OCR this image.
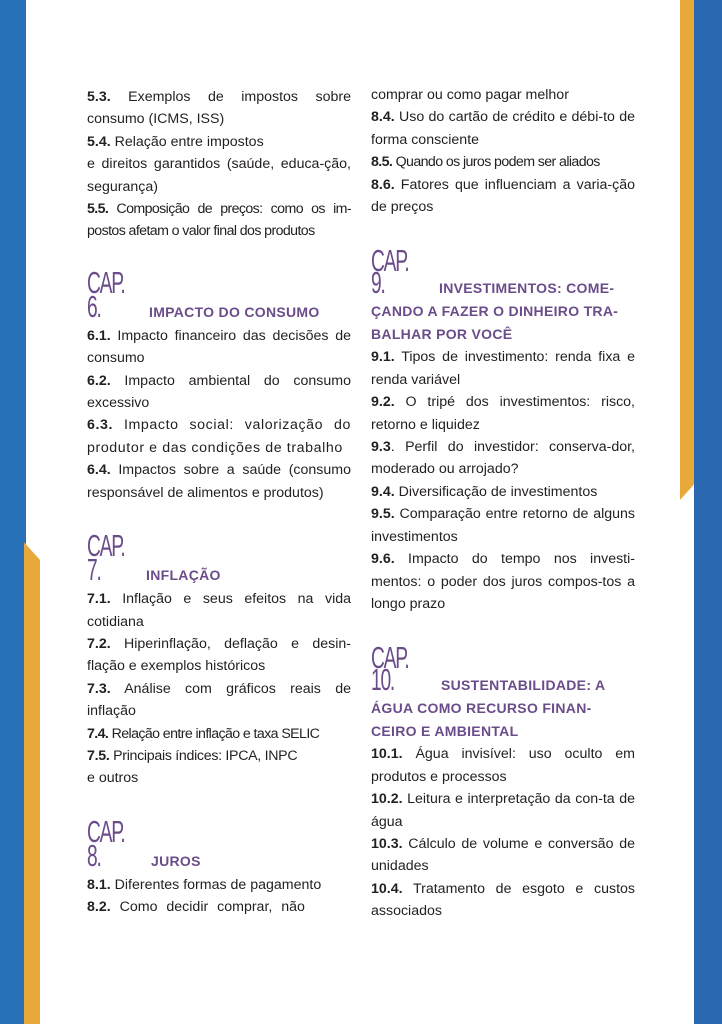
5.3. Exemplos de impostos sobre consumo (ICMS, ISS)

5.4. Relação entre impostos

e direitos garantidos (saúde, educa-ção, segurança)

5.5. Composição de preços: como os im-postos afetam o valor final dos produtos

CAP. 6.	IMPACTO DO CONSUMO

6.1. Impacto financeiro das decisões de consumo

6.2. Impacto ambiental do consumo excessivo

6.3. Impacto social: valorização do produtor e das condições de trabalho

6.4. Impactos sobre a saúde (consumo responsável de alimentos e produtos)

CAP. 7.	INFLAÇÃO

7.1. Inflação e seus efeitos na vida cotidiana

7.2. Hiperinflação, deflação e desin-flação e exemplos históricos

7.3. Análise com gráficos reais de inflação

7.4. Relação entre inflação e taxa SELIC

7.5. Principais índices: IPCA, INPC

e outros

CAP. 8.	JUROS

8.1. Diferentes formas de pagamento

8.2. Como decidir comprar, não

comprar ou como pagar melhor

8.4. Uso do cartão de crédito e débi-to de forma consciente

8.5. Quando os juros podem ser aliados

8.6. Fatores que influenciam a varia-ção de preços

CAP. 9.	INVESTIMENTOS: COME-ÇANDO A FAZER O DINHEIRO TRA-BALHAR POR VOCÊ

9.1. Tipos de investimento: renda fixa e renda variável

9.2. O tripé dos investimentos: risco, retorno e liquidez

9.3. Perfil do investidor: conserva-dor, moderado ou arrojado?

9.4. Diversificação de investimentos

9.5. Comparação entre retorno de alguns investimentos

9.6. Impacto do tempo nos investi-mentos: o poder dos juros compos-tos a longo prazo

CAP. 10.	SUSTENTABILIDADE: A ÁGUA COMO RECURSO FINAN-CEIRO E AMBIENTAL

10.1. Água invisível: uso oculto em produtos e processos

10.2. Leitura e interpretação da con-ta de água

10.3. Cálculo de volume e conversão de unidades

10.4. Tratamento de esgoto e custos associados
